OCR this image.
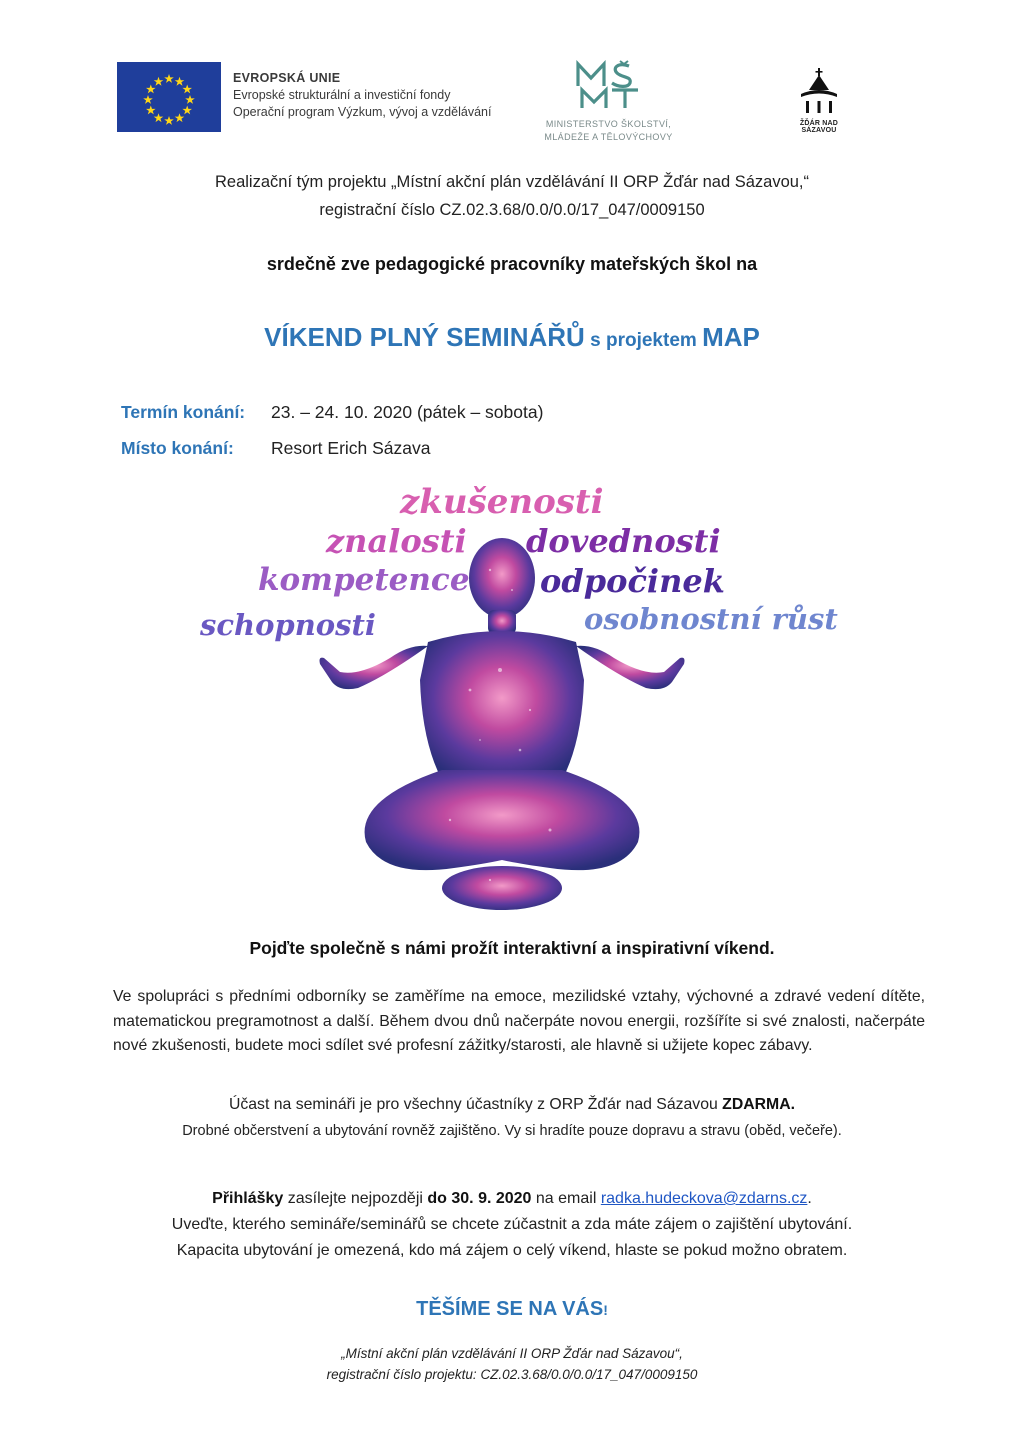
EVROPSKÁ UNIE
Evropské strukturální a investiční fondy
Operační program Výzkum, vývoj a vzdělávání
MINISTERSTVO ŠKOLSTVÍ,
MLÁDEŽE A TĚLOVÝCHOVY
ŽĎÁR NAD SÁZAVOU
Realizační tým projektu „Místní akční plán vzdělávání II ORP Žďár nad Sázavou,“
registrační číslo CZ.02.3.68/0.0/0.0/17_047/0009150
srdečně zve pedagogické pracovníky mateřských škol na
VÍKEND PLNÝ SEMINÁŘŮ s projektem MAP
Termín konání: 23. – 24. 10. 2020 (pátek – sobota)
Místo konání: Resort Erich Sázava
zkušenosti
znalosti dovednosti
kompetence odpočinek
schopnosti	osobnostní růst
Pojďte společně s námi prožít interaktivní a inspirativní víkend.
Ve spolupráci s předními odborníky se zaměříme na emoce, mezilidské vztahy, výchovné a zdravé vedení dítěte, matematickou pregramotnost a další. Během dvou dnů načerpáte novou energii, rozšíříte si své znalosti, načerpáte nové zkušenosti, budete moci sdílet své profesní zážitky/starosti, ale hlavně si užijete kopec zábavy.
Účast na semináři je pro všechny účastníky z ORP Žďár nad Sázavou ZDARMA.
Drobné občerstvení a ubytování rovněž zajištěno. Vy si hradíte pouze dopravu a stravu (oběd, večeře).
Přihlášky zasílejte nejpozději do 30. 9. 2020 na email radka.hudeckova@zdarns.cz.
Uveďte, kterého semináře/seminářů se chcete zúčastnit a zda máte zájem o zajištění ubytování.
Kapacita ubytování je omezená, kdo má zájem o celý víkend, hlaste se pokud možno obratem.
TĚŠÍME SE NA VÁS!
„Místní akční plán vzdělávání II ORP Žďár nad Sázavou“,
registrační číslo projektu: CZ.02.3.68/0.0/0.0/17_047/0009150
